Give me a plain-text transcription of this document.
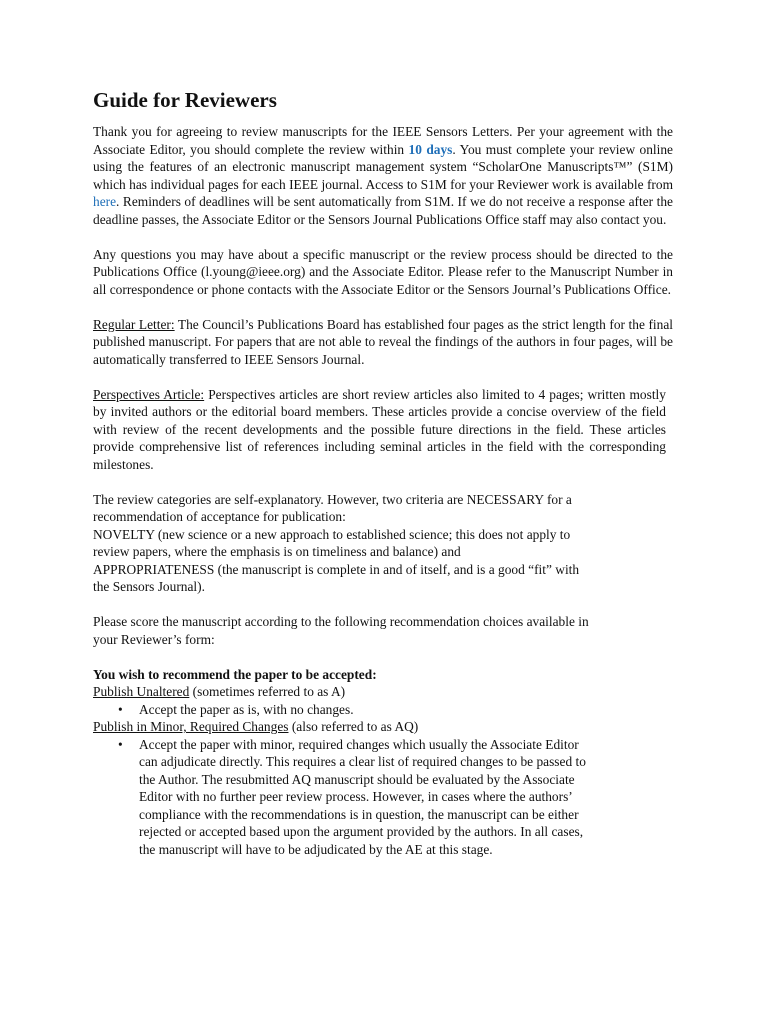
Guide for Reviewers

Thank you for agreeing to review manuscripts for the IEEE Sensors Letters. Per your agreement with the Associate Editor, you should complete the review within 10 days. You must complete your review online using the features of an electronic manuscript management system “ScholarOne Manuscripts™” (S1M) which has individual pages for each IEEE journal. Access to S1M for your Reviewer work is available from here. Reminders of deadlines will be sent automatically from S1M. If we do not receive a response after the deadline passes, the Associate Editor or the Sensors Journal Publications Office staff may also contact you.

Any questions you may have about a specific manuscript or the review process should be directed to the Publications Office (l.young@ieee.org) and the Associate Editor. Please refer to the Manuscript Number in all correspondence or phone contacts with the Associate Editor or the Sensors Journal’s Publications Office.

Regular Letter: The Council’s Publications Board has established four pages as the strict length for the final published manuscript. For papers that are not able to reveal the findings of the authors in four pages, will be automatically transferred to IEEE Sensors Journal.

Perspectives Article: Perspectives articles are short review articles also limited to 4 pages; written mostly by invited authors or the editorial board members. These articles provide a concise overview of the field with review of the recent developments and the possible future directions in the field. These articles provide comprehensive list of references including seminal articles in the field with the corresponding milestones.

The review categories are self-explanatory. However, two criteria are NECESSARY for a
recommendation of acceptance for publication:
NOVELTY (new science or a new approach to established science; this does not apply to
review papers, where the emphasis is on timeliness and balance) and
APPROPRIATENESS (the manuscript is complete in and of itself, and is a good “fit” with
the Sensors Journal).
Please score the manuscript according to the following recommendation choices available in
your Reviewer’s form:
You wish to recommend the paper to be accepted:
Publish Unaltered (sometimes referred to as A)
• Accept the paper as is, with no changes.
Publish in Minor, Required Changes (also referred to as AQ)
• Accept the paper with minor, required changes which usually the Associate Editor
can adjudicate directly. This requires a clear list of required changes to be passed to
the Author. The resubmitted AQ manuscript should be evaluated by the Associate
Editor with no further peer review process. However, in cases where the authors’
compliance with the recommendations is in question, the manuscript can be either
rejected or accepted based upon the argument provided by the authors. In all cases,
the manuscript will have to be adjudicated by the AE at this stage.
